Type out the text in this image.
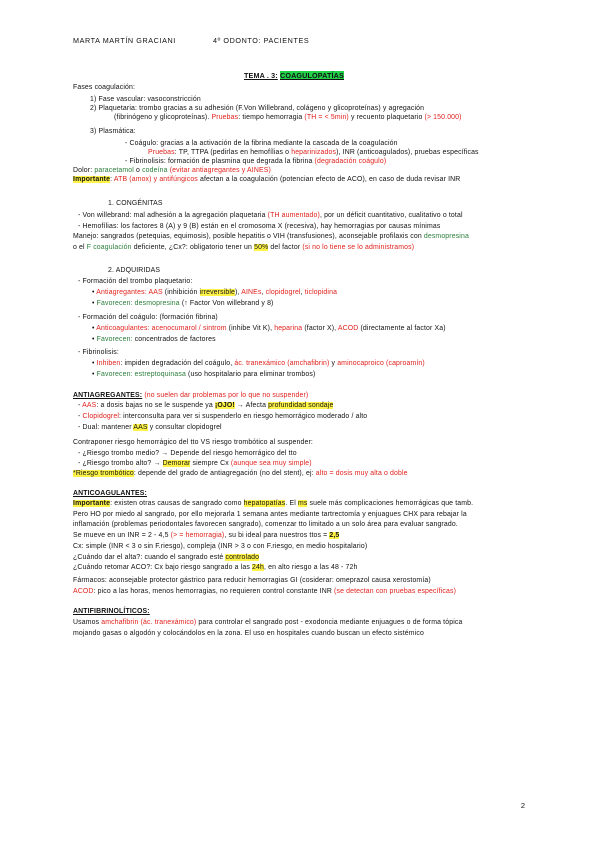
MARTA MARTÍN GRACIANI	4º ODONTO: PACIENTES
TEMA . 3: COAGULOPATÍAS
Fases coagulación:
1) Fase vascular: vasoconstricción
2) Plaquetaria: trombo gracias a su adhesión (F.Von Willebrand, colágeno y glicoproteínas) y agregación
(fibrinógeno y glicoproteínas). Pruebas: tiempo hemorragia (TH = < 5min) y recuento plaquetario (> 150.000)
3) Plasmática:
- Coágulo: gracias a la activación de la fibrina mediante la cascada de la coagulación
Pruebas: TP, TTPA (pedirlas en hemofílias o heparinizados), INR (anticoagulados), pruebas específicas
- Fibrinolisis: formación de plasmina que degrada la fibrina (degradación coágulo)
Dolor: paracetamol o codeína (evitar antiagregantes y AINES)
Importante: ATB (amox) y antifúngicos afectan a la coagulación (potencian efecto de ACO), en caso de duda revisar INR
1. CONGÉNITAS
- Von willebrand: mal adhesión a la agregación plaquetaria (TH aumentado), por un déficit cuantitativo, cualitativo o total
- Hemofílias: los factores 8 (A) y 9 (B) están en el cromosoma X (recesiva), hay hemorragias por causas mínimas
Manejo: sangrados (petequias, equimosis), posible hepatitis o VIH (transfusiones), aconsejable profilaxis con desmopresina
o el F coagulación deficiente, ¿Cx?: obligatorio tener un 50% del factor (si no lo tiene se lo administramos)
2. ADQUIRIDAS
- Formación del trombo plaquetario:
• Antiagregantes: AAS (inhibición irreversible), AINEs, clopidogrel, ticlopidina
• Favorecen: desmopresina (↑ Factor Von willebrand y 8)
- Formación del coágulo: (formación fibrina)
• Anticoagulantes: acenocumarol / sintrom (inhibe Vit K), heparina (factor X), ACOD (directamente al factor Xa)
• Favorecen: concentrados de factores
- Fibrinolisis:
• Inhiben: impiden degradación del coágulo, ác. tranexámico (amchafibrin) y aminocaproico (caproamín)
• Favorecen: estreptoquinasa (uso hospitalario para eliminar trombos)
ANTIAGREGANTES: (no suelen dar problemas por lo que no suspender)
- AAS: a dosis bajas no se le suspende ya ¡OJO! → Afecta profundidad sondaje
- Clopidogrel: interconsulta para ver si suspenderlo en riesgo hemorrágico moderado / alto
- Dual: mantener AAS y consultar clopidogrel
Contraponer riesgo hemorrágico del tto VS riesgo trombótico al suspender:
- ¿Riesgo trombo medio? → Depende del riesgo hemorrágico del tto
- ¿Riesgo trombo alto? → Demorar siempre Cx (aunque sea muy simple)
*Riesgo trombótico: depende del grado de antiagregación (no del stent), ej: alto = dosis muy alta o doble
ANTICOAGULANTES:
Importante: existen otras causas de sangrado como hepatopatías. El ms suele más complicaciones hemorrágicas que tamb.
Pero HO por miedo al sangrado, por ello mejorarla 1 semana antes mediante tartrectomía y enjuagues CHX para rebajar la
inflamación (problemas periodontales favorecen sangrado), comenzar tto limitado a un solo área para evaluar sangrado.
Se mueve en un INR = 2 - 4,5 (> = hemorragia), su bi ideal para nuestros ttos = 2,5
Cx: simple (INR < 3 o sin F.riesgo), compleja (INR > 3 o con F.riesgo, en medio hospitalario)
¿Cuándo dar el alta?: cuando el sangrado esté controlado
¿Cuándo retomar ACO?: Cx bajo riesgo sangrado a las 24h, en alto riesgo a las 48 - 72h
Fármacos: aconsejable protector gástrico para reducir hemorragias GI (cosiderar: omeprazol causa xerostomía)
ACOD: pico a las horas, menos hemorragias, no requieren control constante INR (se detectan con pruebas específicas)
ANTIFIBRINOLÍTICOS:
Usamos amchafibrin (ác. tranexámico) para controlar el sangrado post - exodoncia mediante enjuagues o de forma tópica
mojando gasas o algodón y colocándolos en la zona. El uso en hospitales cuando buscan un efecto sistémico
2
